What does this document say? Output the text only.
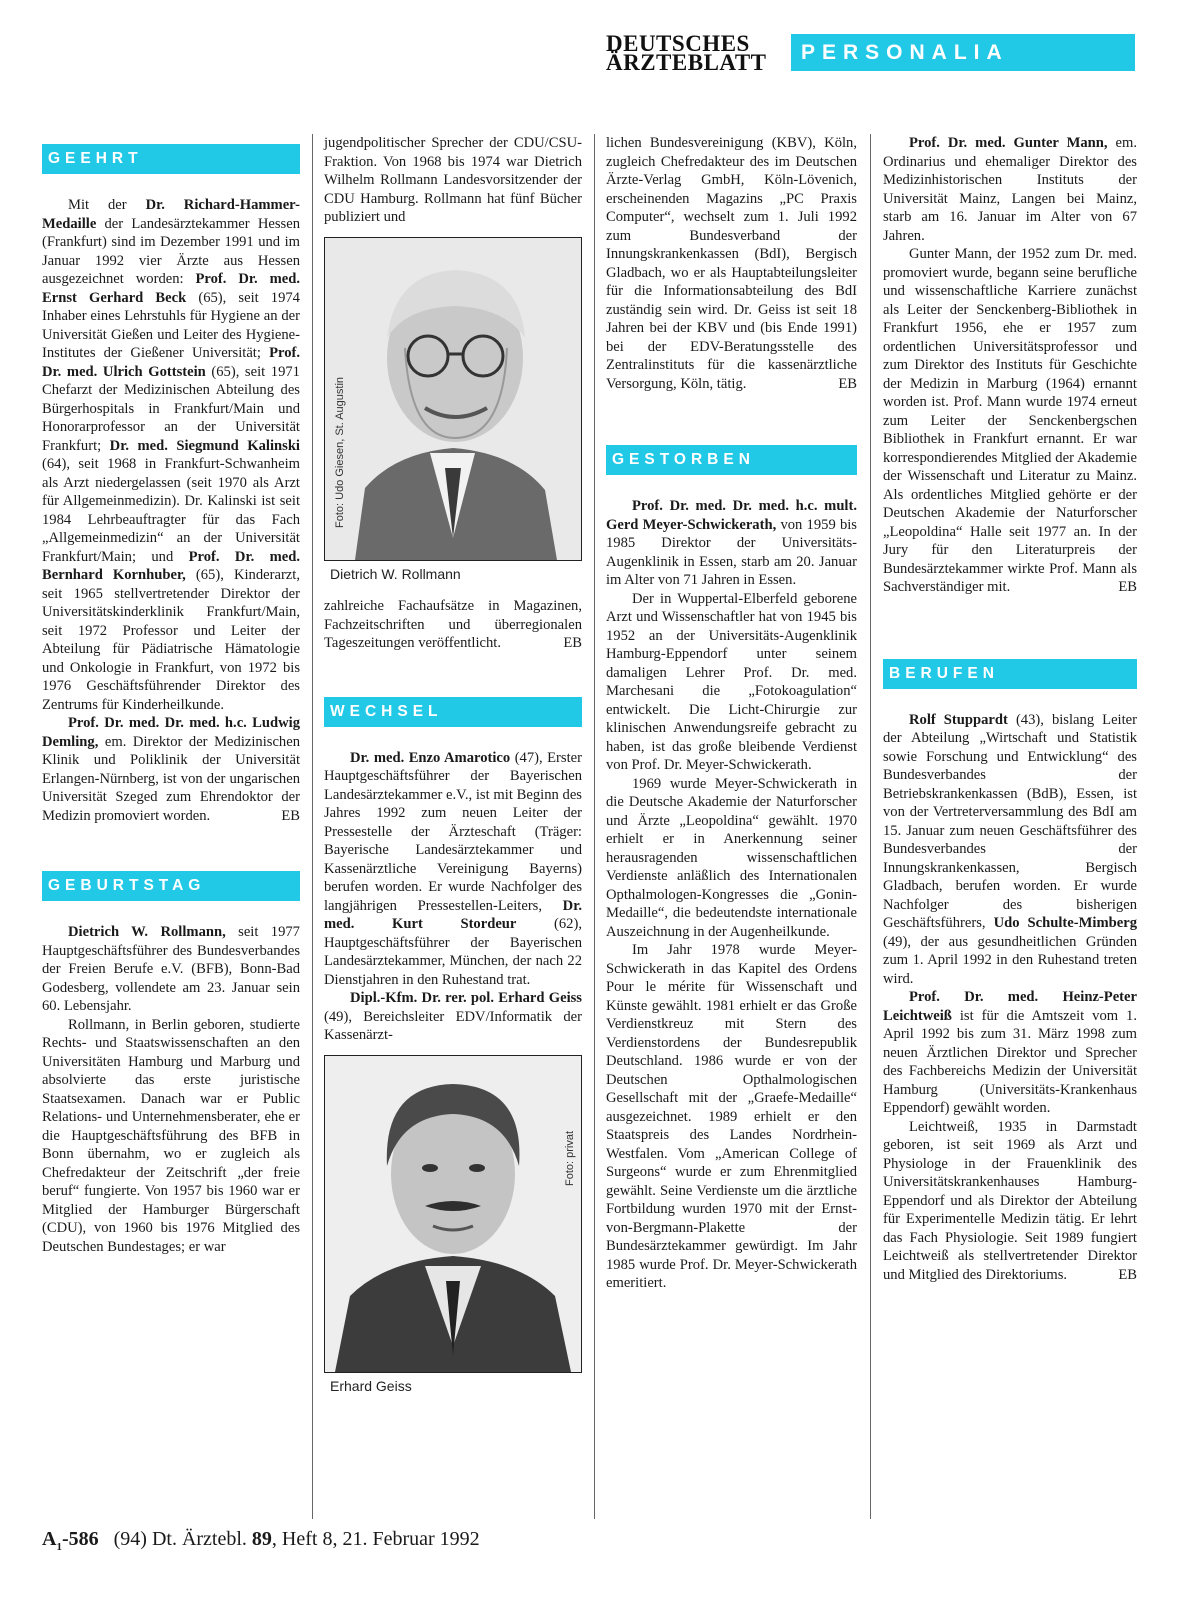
DEUTSCHES
ÄRZTEBLATT	PERSONALIA
GEEHRT

Mit der Dr. Richard-Hammer-Medaille der Landesärztekammer Hessen (Frankfurt) sind im Dezember 1991 und im Januar 1992 vier Ärzte aus Hessen ausgezeichnet worden: Prof. Dr. med. Ernst Gerhard Beck (65), seit 1974 Inhaber eines Lehrstuhls für Hygiene an der Universität Gießen und Leiter des Hygiene-Institutes der Gießener Universität; Prof. Dr. med. Ulrich Gottstein (65), seit 1971 Chefarzt der Medizinischen Abteilung des Bürgerhospitals in Frankfurt/Main und Honorarprofessor an der Universität Frankfurt; Dr. med. Siegmund Kalinski (64), seit 1968 in Frankfurt-Schwanheim als Arzt niedergelassen (seit 1970 als Arzt für Allgemeinmedizin). Dr. Kalinski ist seit 1984 Lehrbeauftragter für das Fach „Allgemeinmedizin“ an der Universität Frankfurt/Main; und Prof. Dr. med. Bernhard Kornhuber, (65), Kinderarzt, seit 1965 stellvertretender Direktor der Universitätskinderklinik Frankfurt/Main, seit 1972 Professor und Leiter der Abteilung für Pädiatrische Hämatologie und Onkologie in Frankfurt, von 1972 bis 1976 Geschäftsführender Direktor des Zentrums für Kinderheilkunde.

Prof. Dr. med. Dr. med. h.c. Ludwig Demling, em. Direktor der Medizinischen Klinik und Poliklinik der Universität Erlangen-Nürnberg, ist von der ungarischen Universität Szeged zum Ehrendoktor der Medizin promoviert worden.	EB

GEBURTSTAG

Dietrich W. Rollmann, seit 1977 Hauptgeschäftsführer des Bundesverbandes der Freien Berufe e.V. (BFB), Bonn-Bad Godesberg, vollendete am 23. Januar sein 60. Lebensjahr.

Rollmann, in Berlin geboren, studierte Rechts- und Staatswissenschaften an den Universitäten Hamburg und Marburg und absolvierte das erste juristische Staatsexamen. Danach war er Public Relations- und Unternehmensberater, ehe er die Hauptgeschäftsführung des BFB in Bonn übernahm, wo er zugleich als Chefredakteur der Zeitschrift „der freie beruf“ fungierte. Von 1957 bis 1960 war er Mitglied der Hamburger Bürgerschaft (CDU), von 1960 bis 1976 Mitglied des Deutschen Bundestages; er war

jugendpolitischer Sprecher der CDU/CSU-Fraktion. Von 1968 bis 1974 war Dietrich Wilhelm Rollmann Landesvorsitzender der CDU Hamburg. Rollmann hat fünf Bücher publiziert und

Foto: Udo Giesen, St. Augustin
Dietrich W. Rollmann

zahlreiche Fachaufsätze in Magazinen, Fachzeitschriften und überregionalen Tageszeitungen veröffentlicht.	EB

WECHSEL

Dr. med. Enzo Amarotico (47), Erster Hauptgeschäftsführer der Bayerischen Landesärztekammer e.V., ist mit Beginn des Jahres 1992 zum neuen Leiter der Pressestelle der Ärzteschaft (Träger: Bayerische Landesärztekammer und Kassenärztliche Vereinigung Bayerns) berufen worden. Er wurde Nachfolger des langjährigen Pressestellen-Leiters, Dr. med. Kurt Stordeur (62), Hauptgeschäftsführer der Bayerischen Landesärztekammer, München, der nach 22 Dienstjahren in den Ruhestand trat.

Dipl.-Kfm. Dr. rer. pol. Erhard Geiss (49), Bereichsleiter EDV/Informatik der Kassenärzt-

Foto: privat
Erhard Geiss

lichen Bundesvereinigung (KBV), Köln, zugleich Chefredakteur des im Deutschen Ärzte-Verlag GmbH, Köln-Lövenich, erscheinenden Magazins „PC Praxis Computer“, wechselt zum 1. Juli 1992 zum Bundesverband der Innungskrankenkassen (BdI), Bergisch Gladbach, wo er als Hauptabteilungsleiter für die Informationsabteilung des BdI zuständig sein wird. Dr. Geiss ist seit 18 Jahren bei der KBV und (bis Ende 1991) bei der EDV-Beratungsstelle des Zentralinstituts für die kassenärztliche Versorgung, Köln, tätig.	EB

GESTORBEN

Prof. Dr. med. Dr. med. h.c. mult. Gerd Meyer-Schwickerath, von 1959 bis 1985 Direktor der Universitäts-Augenklinik in Essen, starb am 20. Januar im Alter von 71 Jahren in Essen.

Der in Wuppertal-Elberfeld geborene Arzt und Wissenschaftler hat von 1945 bis 1952 an der Universitäts-Augenklinik Hamburg-Eppendorf unter seinem damaligen Lehrer Prof. Dr. med. Marchesani die „Fotokoagulation“ entwickelt. Die Licht-Chirurgie zur klinischen Anwendungsreife gebracht zu haben, ist das große bleibende Verdienst von Prof. Dr. Meyer-Schwickerath.

1969 wurde Meyer-Schwickerath in die Deutsche Akademie der Naturforscher und Ärzte „Leopoldina“ gewählt. 1970 erhielt er in Anerkennung seiner herausragenden wissenschaftlichen Verdienste anläßlich des Internationalen Opthalmologen-Kongresses die „Gonin-Medaille“, die bedeutendste internationale Auszeichnung in der Augenheilkunde.

Im Jahr 1978 wurde Meyer-Schwickerath in das Kapitel des Ordens Pour le mérite für Wissenschaft und Künste gewählt. 1981 erhielt er das Große Verdienstkreuz mit Stern des Verdienstordens der Bundesrepublik Deutschland. 1986 wurde er von der Deutschen Opthalmologischen Gesellschaft mit der „Graefe-Medaille“ ausgezeichnet. 1989 erhielt er den Staatspreis des Landes Nordrhein-Westfalen. Vom „American College of Surgeons“ wurde er zum Ehrenmitglied gewählt. Seine Verdienste um die ärztliche Fortbildung wurden 1970 mit der Ernst-von-Bergmann-Plakette der Bundesärztekammer gewürdigt. Im Jahr 1985 wurde Prof. Dr. Meyer-Schwickerath emeritiert.

Prof. Dr. med. Gunter Mann, em. Ordinarius und ehemaliger Direktor des Medizinhistorischen Instituts der Universität Mainz, Langen bei Mainz, starb am 16. Januar im Alter von 67 Jahren.

Gunter Mann, der 1952 zum Dr. med. promoviert wurde, begann seine berufliche und wissenschaftliche Karriere zunächst als Leiter der Senckenberg-Bibliothek in Frankfurt 1956, ehe er 1957 zum ordentlichen Universitätsprofessor und zum Direktor des Instituts für Geschichte der Medizin in Marburg (1964) ernannt worden ist. Prof. Mann wurde 1974 erneut zum Leiter der Senckenbergschen Bibliothek in Frankfurt ernannt. Er war korrespondierendes Mitglied der Akademie der Wissenschaft und Literatur zu Mainz. Als ordentliches Mitglied gehörte er der Deutschen Akademie der Naturforscher „Leopoldina“ Halle seit 1977 an. In der Jury für den Literaturpreis der Bundesärztekammer wirkte Prof. Mann als Sachverständiger mit.	EB

BERUFEN

Rolf Stuppardt (43), bislang Leiter der Abteilung „Wirtschaft und Statistik sowie Forschung und Entwicklung“ des Bundesverbandes der Betriebskrankenkassen (BdB), Essen, ist von der Vertreterversammlung des BdI am 15. Januar zum neuen Geschäftsführer des Bundesverbandes der Innungskrankenkassen, Bergisch Gladbach, berufen worden. Er wurde Nachfolger des bisherigen Geschäftsführers, Udo Schulte-Mimberg (49), der aus gesundheitlichen Gründen zum 1. April 1992 in den Ruhestand treten wird.

Prof. Dr. med. Heinz-Peter Leichtweiß ist für die Amtszeit vom 1. April 1992 bis zum 31. März 1998 zum neuen Ärztlichen Direktor und Sprecher des Fachbereichs Medizin der Universität Hamburg (Universitäts-Krankenhaus Eppendorf) gewählt worden.

Leichtweiß, 1935 in Darmstadt geboren, ist seit 1969 als Arzt und Physiologe in der Frauenklinik des Universitätskrankenhauses Hamburg-Eppendorf und als Direktor der Abteilung für Experimentelle Medizin tätig. Er lehrt das Fach Physiologie. Seit 1989 fungiert Leichtweiß als stellvertretender Direktor und Mitglied des Direktoriums.	EB

$A_1-586$ (94) Dt. Ärztebl. 89, Heft 8, 21. Februar 1992
